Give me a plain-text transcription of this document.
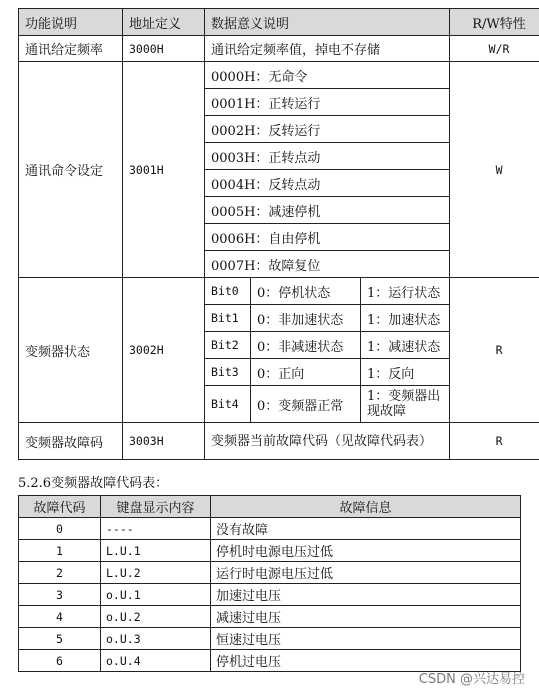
功能说明	地址定义	数据意义说明			R/W特性
通讯给定频率	3000H	通讯给定频率值，掉电不存储			W/R
通讯命令设定	3001H	0000H：无命令			W
		0001H：正转运行			
		0002H：反转运行			
		0003H：正转点动			
		0004H：反转点动			
		0005H：减速停机			
		0006H：自由停机			
		0007H：故障复位			
变频器状态	3002H	Bit0	0：停机状态	1：运行状态	R
		Bit1	0：非加速状态	1：加速状态	
		Bit2	0：非减速状态	1：减速状态	
		Bit3	0：正向	1：反向	
		Bit4	0：变频器正常	1：变频器出现故障	
变频器故障码	3003H	变频器当前故障代码（见故障代码表）			R
5.2.6变频器故障代码表：
故障代码	键盘显示内容	故障信息
0	----	没有故障
1	L.U.1	停机时电源电压过低
2	L.U.2	运行时电源电压过低
3	o.U.1	加速过电压
4	o.U.2	减速过电压
5	o.U.3	恒速过电压
6	o.U.4	停机过电压
CSDN @兴达易控
